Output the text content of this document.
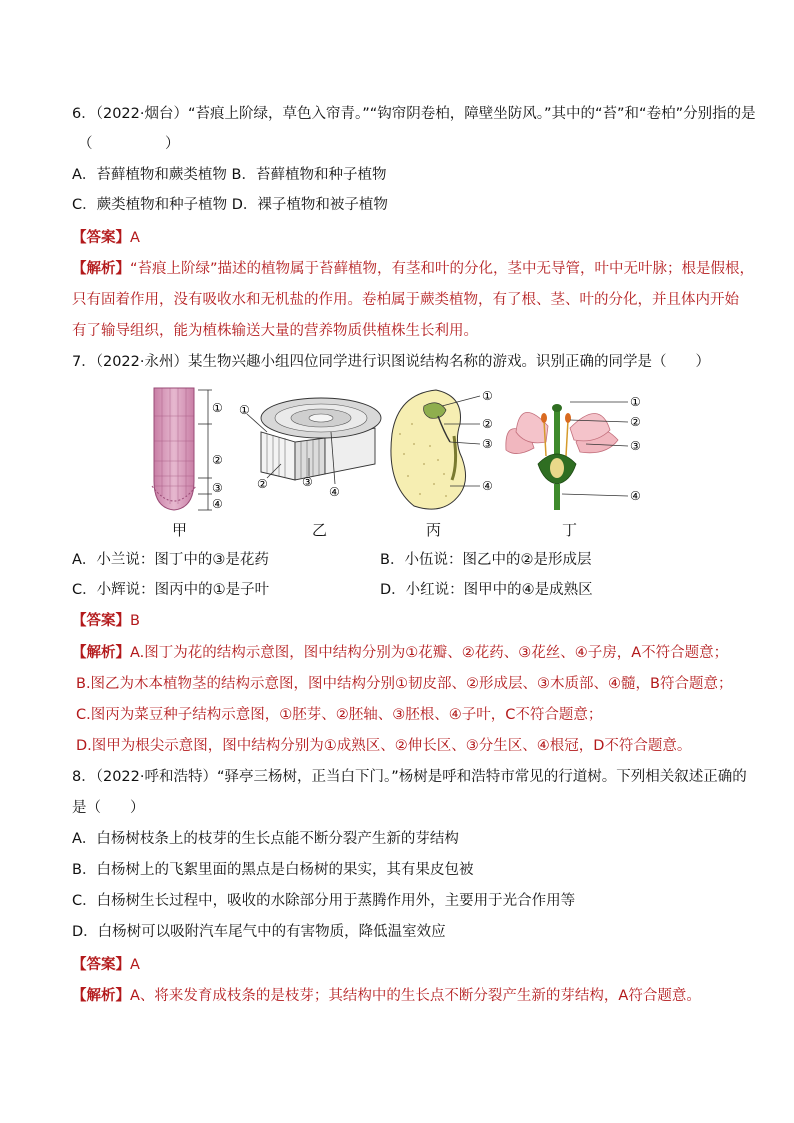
6．（2022·烟台）“苔痕上阶绿，草色入帘青。”“钩帘阴卷柏，障壁坐防风。”其中的“苔”和“卷柏”分别指的是
（　　　　　）
A．苔藓植物和蕨类植物 B．苔藓植物和种子植物
C．蕨类植物和种子植物 D．裸子植物和被子植物
【答案】A
【解析】“苔痕上阶绿”描述的植物属于苔藓植物，有茎和叶的分化，茎中无导管，叶中无叶脉；根是假根，
只有固着作用，没有吸收水和无机盐的作用。卷柏属于蕨类植物，有了根、茎、叶的分化，并且体内开始
有了输导组织，能为植株输送大量的营养物质供植株生长利用。
7．（2022·永州）某生物兴趣小组四位同学进行识图说结构名称的游戏。识别正确的同学是（　　）
①
②
③
④
①
②	③
④
①
②
③
④
①
②
③
④
甲	乙	丙	丁
A．小兰说：图丁中的③是花药	B．小伍说：图乙中的②是形成层
C．小辉说：图丙中的①是子叶	D．小红说：图甲中的④是成熟区
【答案】B
【解析】A.图丁为花的结构示意图，图中结构分别为①花瓣、②花药、③花丝、④子房，A不符合题意；
B.图乙为木本植物茎的结构示意图，图中结构分别①韧皮部、②形成层、③木质部、④髓，B符合题意；
C.图丙为菜豆种子结构示意图，①胚芽、②胚轴、③胚根、④子叶，C不符合题意；
D.图甲为根尖示意图，图中结构分别为①成熟区、②伸长区、③分生区、④根冠，D不符合题意。
8．（2022·呼和浩特）“驿亭三杨树，正当白下门。”杨树是呼和浩特市常见的行道树。下列相关叙述正确的
是（　　）
A．白杨树枝条上的枝芽的生长点能不断分裂产生新的芽结构
B．白杨树上的飞絮里面的黑点是白杨树的果实，其有果皮包被
C．白杨树生长过程中，吸收的水除部分用于蒸腾作用外，主要用于光合作用等
D．白杨树可以吸附汽车尾气中的有害物质，降低温室效应
【答案】A
【解析】A、将来发育成枝条的是枝芽；其结构中的生长点不断分裂产生新的芽结构，A符合题意。
